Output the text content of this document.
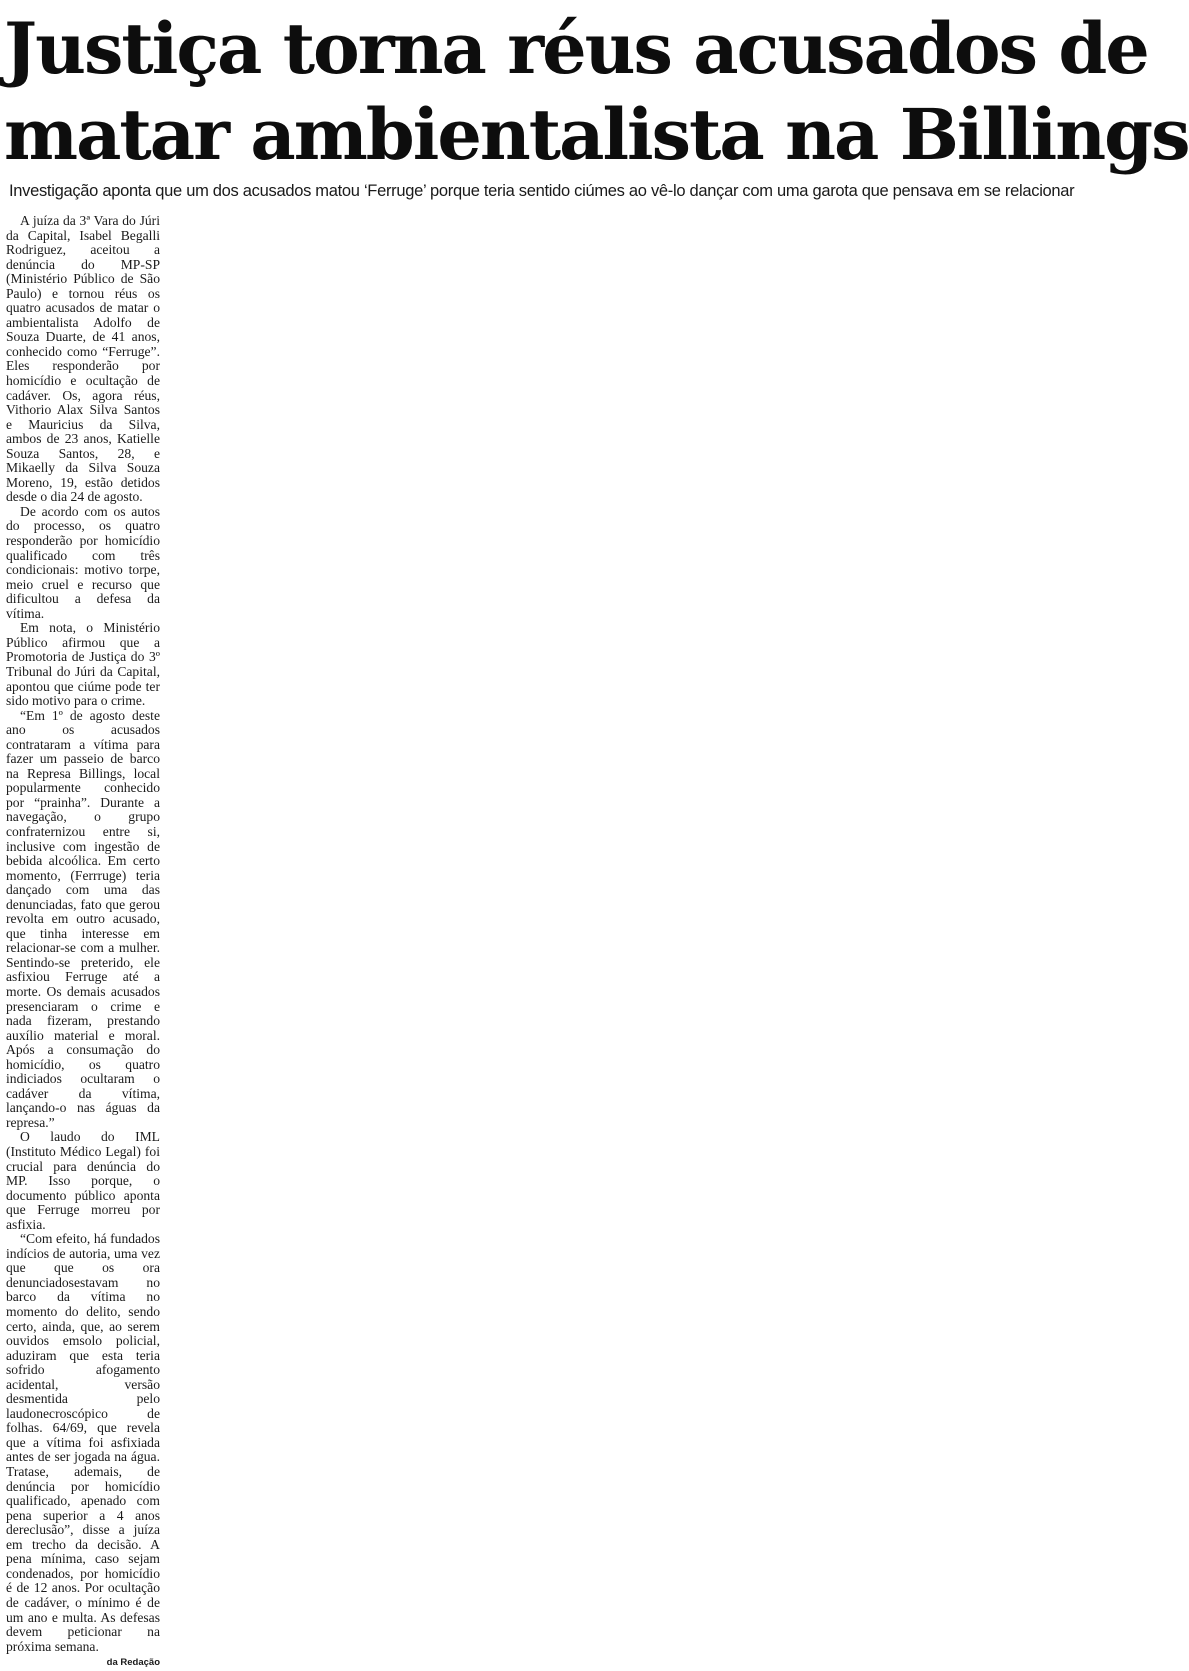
Justiça torna réus acusados de
matar ambientalista na Billings

Investigação aponta que um dos acusados matou ‘Ferruge’ porque teria sentido ciúmes ao vê-lo dançar com uma garota que pensava em se relacionar

A juíza da 3ª Vara do Júri da Capital, Isabel Begalli Rodriguez, aceitou a denúncia do MP-SP (Ministério Público de São Paulo) e tornou réus os quatro acusados de matar o ambientalista Adolfo de Souza Duarte, de 41 anos, conhecido como “Ferruge”. Eles responderão por homicídio e ocultação de cadáver. Os, agora réus, Vithorio Alax Silva Santos e Mauricius da Silva, ambos de 23 anos, Katielle Souza Santos, 28, e Mikaelly da Silva Souza Moreno, 19, estão detidos desde o dia 24 de agosto.

De acordo com os autos do processo, os quatro responderão por homicídio qualificado com três condicionais: motivo torpe, meio cruel e recurso que dificultou a defesa da vítima.

Em nota, o Ministério Público afirmou que a Promotoria de Justiça do 3º Tribunal do Júri da Capital, apontou que ciúme pode ter sido motivo para o crime.

“Em 1º de agosto deste ano os acusados contrataram a vítima para fazer um passeio de barco na Represa Billings, local popularmente conhecido por “prainha”. Durante a navegação, o grupo confraternizou entre si, inclusive com ingestão de bebida alcoólica. Em certo momento, (Ferrruge) teria dançado com uma das denunciadas, fato que gerou revolta em outro acusado, que tinha interesse em relacionar-se com a mulher. Sentindo-se preterido, ele asfixiou Ferruge até a morte. Os demais acusados presenciaram o crime e nada fizeram, prestando auxílio material e moral. Após a consumação do homicídio, os quatro indiciados ocultaram o cadáver da vítima, lançando-o nas águas da represa.”

O laudo do IML (Instituto Médico Legal) foi crucial para denúncia do MP. Isso porque, o documento público aponta que Ferruge morreu por asfixia.

“Com efeito, há fundados indícios de autoria, uma vez que que os ora denunciadosestavam no barco da vítima no momento do delito, sendo certo, ainda, que, ao serem ouvidos emsolo policial, aduziram que esta teria sofrido afogamento acidental, versão desmentida pelo laudonecroscópico de folhas. 64/69, que revela que a vítima foi asfixiada antes de ser jogada na água. Tratase, ademais, de denúncia por homicídio qualificado, apenado com pena superior a 4 anos dereclusão”, disse a juíza em trecho da decisão. A pena mínima, caso sejam condenados, por homicídio é de 12 anos. Por ocultação de cadáver, o mínimo é de um ano e multa. As defesas devem peticionar na próxima semana.
da Redação
